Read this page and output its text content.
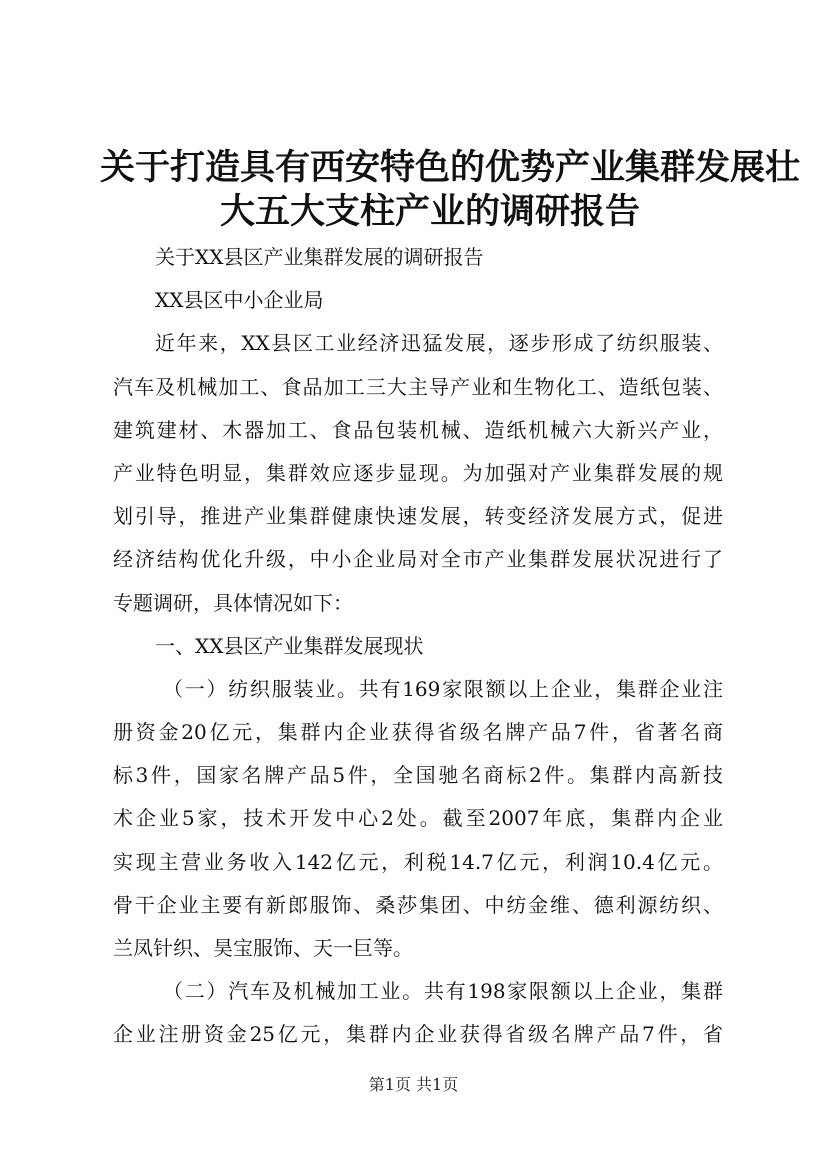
关于打造具有西安特色的优势产业集群发展壮
大五大支柱产业的调研报告
关于XX县区产业集群发展的调研报告
XX县区中小企业局
近年来，XX县区工业经济迅猛发展，逐步形成了纺织服装、
汽车及机械加工、食品加工三大主导产业和生物化工、造纸包装、
建筑建材、木器加工、食品包装机械、造纸机械六大新兴产业，
产业特色明显，集群效应逐步显现。为加强对产业集群发展的规
划引导，推进产业集群健康快速发展，转变经济发展方式，促进
经济结构优化升级，中小企业局对全市产业集群发展状况进行了
专题调研，具体情况如下：
一、XX县区产业集群发展现状
（一）纺织服装业。共有169家限额以上企业，集群企业注
册资金20亿元，集群内企业获得省级名牌产品7件，省著名商
标3件，国家名牌产品5件，全国驰名商标2件。集群内高新技
术企业5家，技术开发中心2处。截至2007年底，集群内企业
实现主营业务收入142亿元，利税14.7亿元，利润10.4亿元。
骨干企业主要有新郎服饰、桑莎集团、中纺金维、德利源纺织、
兰凤针织、昊宝服饰、天一巨等。
（二）汽车及机械加工业。共有198家限额以上企业，集群
企业注册资金25亿元，集群内企业获得省级名牌产品7件，省
第1页 共1页
